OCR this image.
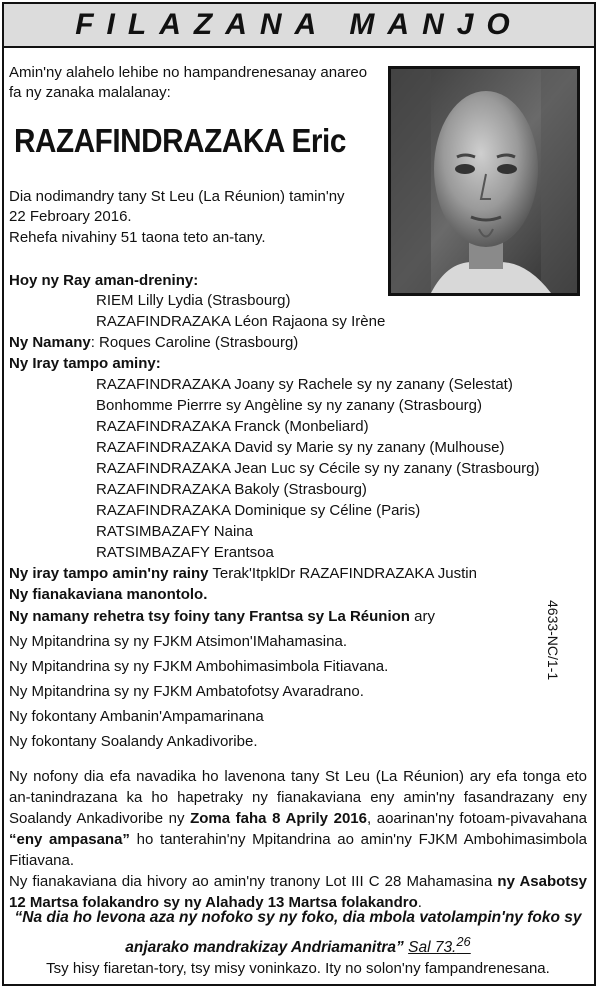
FILAZANA MANJO
Amin'ny alahelo lehibe no hampandrenesanay anareo
fa ny zanaka malalanay:
RAZAFINDRAZAKA Eric
Dia nodimandry tany St Leu (La Réunion) tamin'ny
22 Febroary 2016.
Rehefa nivahiny 51 taona teto an-tany.
Hoy ny Ray aman-dreniny:
RIEM Lilly Lydia (Strasbourg)
RAZAFINDRAZAKA Léon Rajaona sy Irène
Ny Namany: Roques Caroline (Strasbourg)
Ny Iray tampo aminy:
RAZAFINDRAZAKA Joany sy Rachele sy ny zanany (Selestat)
Bonhomme Pierrre sy Angèline sy ny zanany (Strasbourg)
RAZAFINDRAZAKA Franck (Monbeliard)
RAZAFINDRAZAKA David sy Marie sy ny zanany (Mulhouse)
RAZAFINDRAZAKA Jean Luc sy Cécile sy ny zanany (Strasbourg)
RAZAFINDRAZAKA Bakoly (Strasbourg)
RAZAFINDRAZAKA Dominique sy Céline (Paris)
RATSIMBAZAFY Naina
RATSIMBAZAFY Erantsoa
Ny iray tampo amin'ny rainy Terak'ItpklDr RAZAFINDRAZAKA Justin
Ny fianakaviana manontolo.
Ny namany rehetra tsy foiny tany Frantsa sy La Réunion ary
Ny Mpitandrina sy ny FJKM Atsimon'IMahamasina.
Ny Mpitandrina sy ny FJKM Ambohimasimbola Fitiavana.
Ny Mpitandrina sy ny FJKM Ambatofotsy Avaradrano.
Ny fokontany Ambanin'Ampamarinana
Ny fokontany Soalandy Ankadivoribe.
4633-NC/1-1
Ny nofony dia efa navadika ho lavenona tany St Leu (La Réunion) ary efa tonga eto an-tanindrazana ka ho hapetraky ny fianakaviana eny amin'ny fasandrazany eny Soalandy Ankadivoribe ny Zoma faha 8 Aprily 2016, aoarinan'ny fotoam-pivavahana “eny ampasana” ho tanterahin'ny Mpitandrina ao amin'ny FJKM Ambohimasimbola Fitiavana.
Ny fianakaviana dia hivory ao amin'ny tranony Lot III C 28 Mahamasina ny Asabotsy 12 Martsa folakandro sy ny Alahady 13 Martsa folakandro.
“Na dia ho levona aza ny nofoko sy ny foko, dia mbola vatolampin'ny foko sy anjarako mandrakizay Andriamanitra” Sal 73.26
Tsy hisy fiaretan-tory, tsy misy voninkazo. Ity no solon'ny fampandrenesana.
